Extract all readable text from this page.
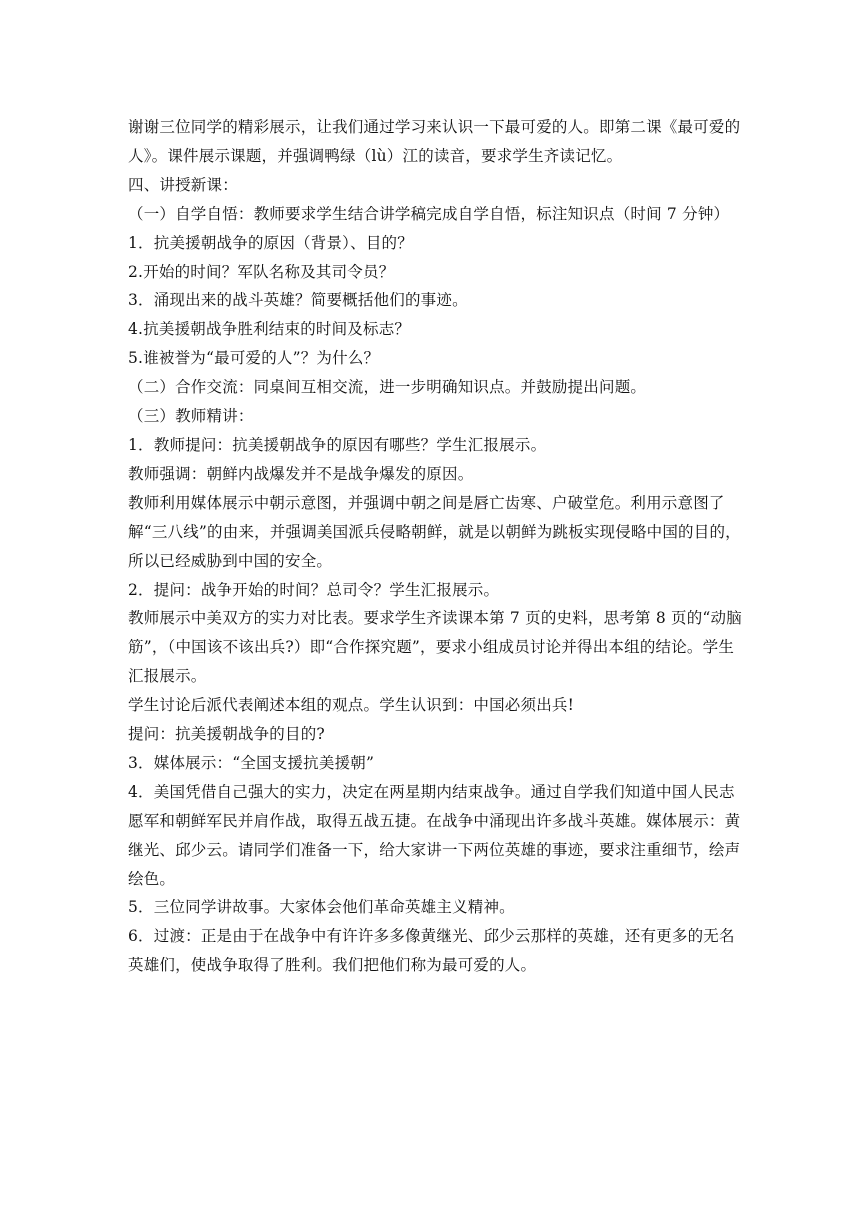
谢谢三位同学的精彩展示，让我们通过学习来认识一下最可爱的人。即第二课《最可爱的人》。课件展示课题，并强调鸭绿（lù）江的读音，要求学生齐读记忆。

四、讲授新课：

（一）自学自悟：教师要求学生结合讲学稿完成自学自悟，标注知识点（时间 7 分钟）

1．抗美援朝战争的原因（背景）、目的？

2.开始的时间？军队名称及其司令员？

3．涌现出来的战斗英雄？简要概括他们的事迹。

4.抗美援朝战争胜利结束的时间及标志？

5.谁被誉为“最可爱的人”？为什么？

（二）合作交流：同桌间互相交流，进一步明确知识点。并鼓励提出问题。

（三）教师精讲：

1．教师提问：抗美援朝战争的原因有哪些？学生汇报展示。

教师强调：朝鲜内战爆发并不是战争爆发的原因。

教师利用媒体展示中朝示意图，并强调中朝之间是唇亡齿寒、户破堂危。利用示意图了解“三八线”的由来，并强调美国派兵侵略朝鲜，就是以朝鲜为跳板实现侵略中国的目的，所以已经威胁到中国的安全。

2．提问：战争开始的时间？总司令？学生汇报展示。

教师展示中美双方的实力对比表。要求学生齐读课本第 7 页的史料，思考第 8 页的“动脑筋”，（中国该不该出兵?）即“合作探究题”，要求小组成员讨论并得出本组的结论。学生汇报展示。

学生讨论后派代表阐述本组的观点。学生认识到：中国必须出兵!

提问：抗美援朝战争的目的?

3．媒体展示：“全国支援抗美援朝”

4．美国凭借自己强大的实力，决定在两星期内结束战争。通过自学我们知道中国人民志愿军和朝鲜军民并肩作战，取得五战五捷。在战争中涌现出许多战斗英雄。媒体展示：黄继光、邱少云。请同学们准备一下，给大家讲一下两位英雄的事迹，要求注重细节，绘声绘色。

5．三位同学讲故事。大家体会他们革命英雄主义精神。

6．过渡：正是由于在战争中有许许多多像黄继光、邱少云那样的英雄，还有更多的无名英雄们，使战争取得了胜利。我们把他们称为最可爱的人。
